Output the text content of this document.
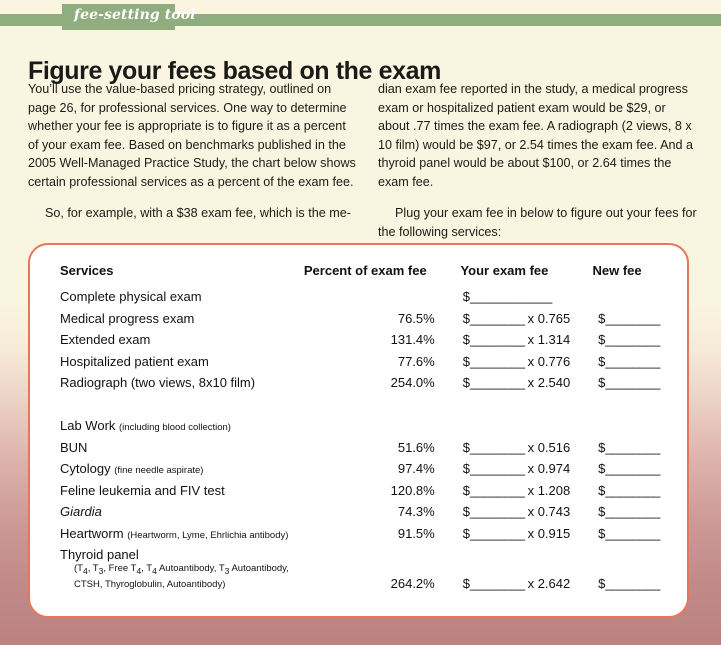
fee-setting tool
Figure your fees based on the exam

You’ll use the value-based pricing strategy, outlined on page 26, for professional services. One way to determine whether your fee is appropriate is to figure it as a percent of your exam fee. Based on benchmarks published in the 2005 Well-Managed Practice Study, the chart below shows certain professional services as a percent of the exam fee.

So, for example, with a $38 exam fee, which is the me-

dian exam fee reported in the study, a medical progress exam or hospitalized patient exam would be $29, or about .77 times the exam fee. A radiograph (2 views, 8 x 10 film) would be $97, or 2.54 times the exam fee. And a thyroid panel would be about $100, or 2.64 times the exam fee.

Plug your exam fee in below to figure out your fees for the following services:

Services	Percent of exam fee	Your exam fee	New fee
Complete physical exam		$____________	
Medical progress exam	76.5%	$________ x 0.765	$________
Extended exam	131.4%	$________ x 1.314	$________
Hospitalized patient exam	77.6%	$________ x 0.776	$________
Radiograph (two views, 8x10 film)	254.0%	$________ x 2.540	$________

Lab Work (including blood collection)			
BUN	51.6%	$________ x 0.516	$________
Cytology (fine needle aspirate)	97.4%	$________ x 0.974	$________
Feline leukemia and FIV test	120.8%	$________ x 1.208	$________
Giardia	74.3%	$________ x 0.743	$________
Heartworm (Heartworm, Lyme, Ehrlichia antibody)	91.5%	$________ x 0.915	$________
Thyroid panel			

($T_4$, $T_3$, Free $T_4$, $T_4$ Autoantibody, $T_3$ Autoantibody,
CTSH, Thyroglobulin, Autoantibody)	264.2%	$________ x 2.642	$________
